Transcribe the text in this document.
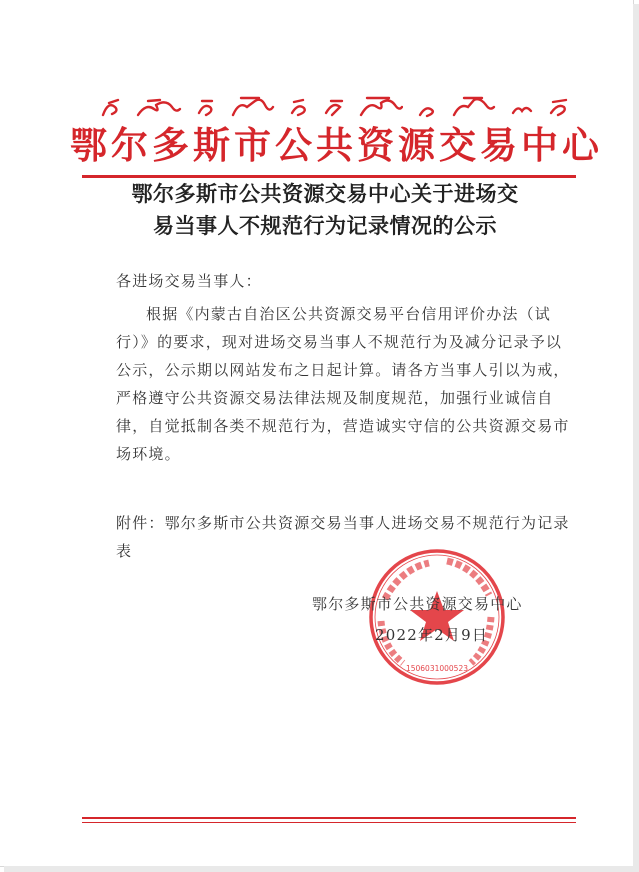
鄂尔多斯市公共资源交易中心
鄂尔多斯市公共资源交易中心关于进场交
易当事人不规范行为记录情况的公示
各进场交易当事人：
根据《内蒙古自治区公共资源交易平台信用评价办法（试行）》的要求，现对进场交易当事人不规范行为及减分记录予以公示，公示期以网站发布之日起计算。请各方当事人引以为戒，严格遵守公共资源交易法律法规及制度规范，加强行业诚信自律，自觉抵制各类不规范行为，营造诚实守信的公共资源交易市场环境。
附件：鄂尔多斯市公共资源交易当事人进场交易不规范行为记录表
1506031000523
鄂尔多斯市公共资源交易中心
2022年2月9日
